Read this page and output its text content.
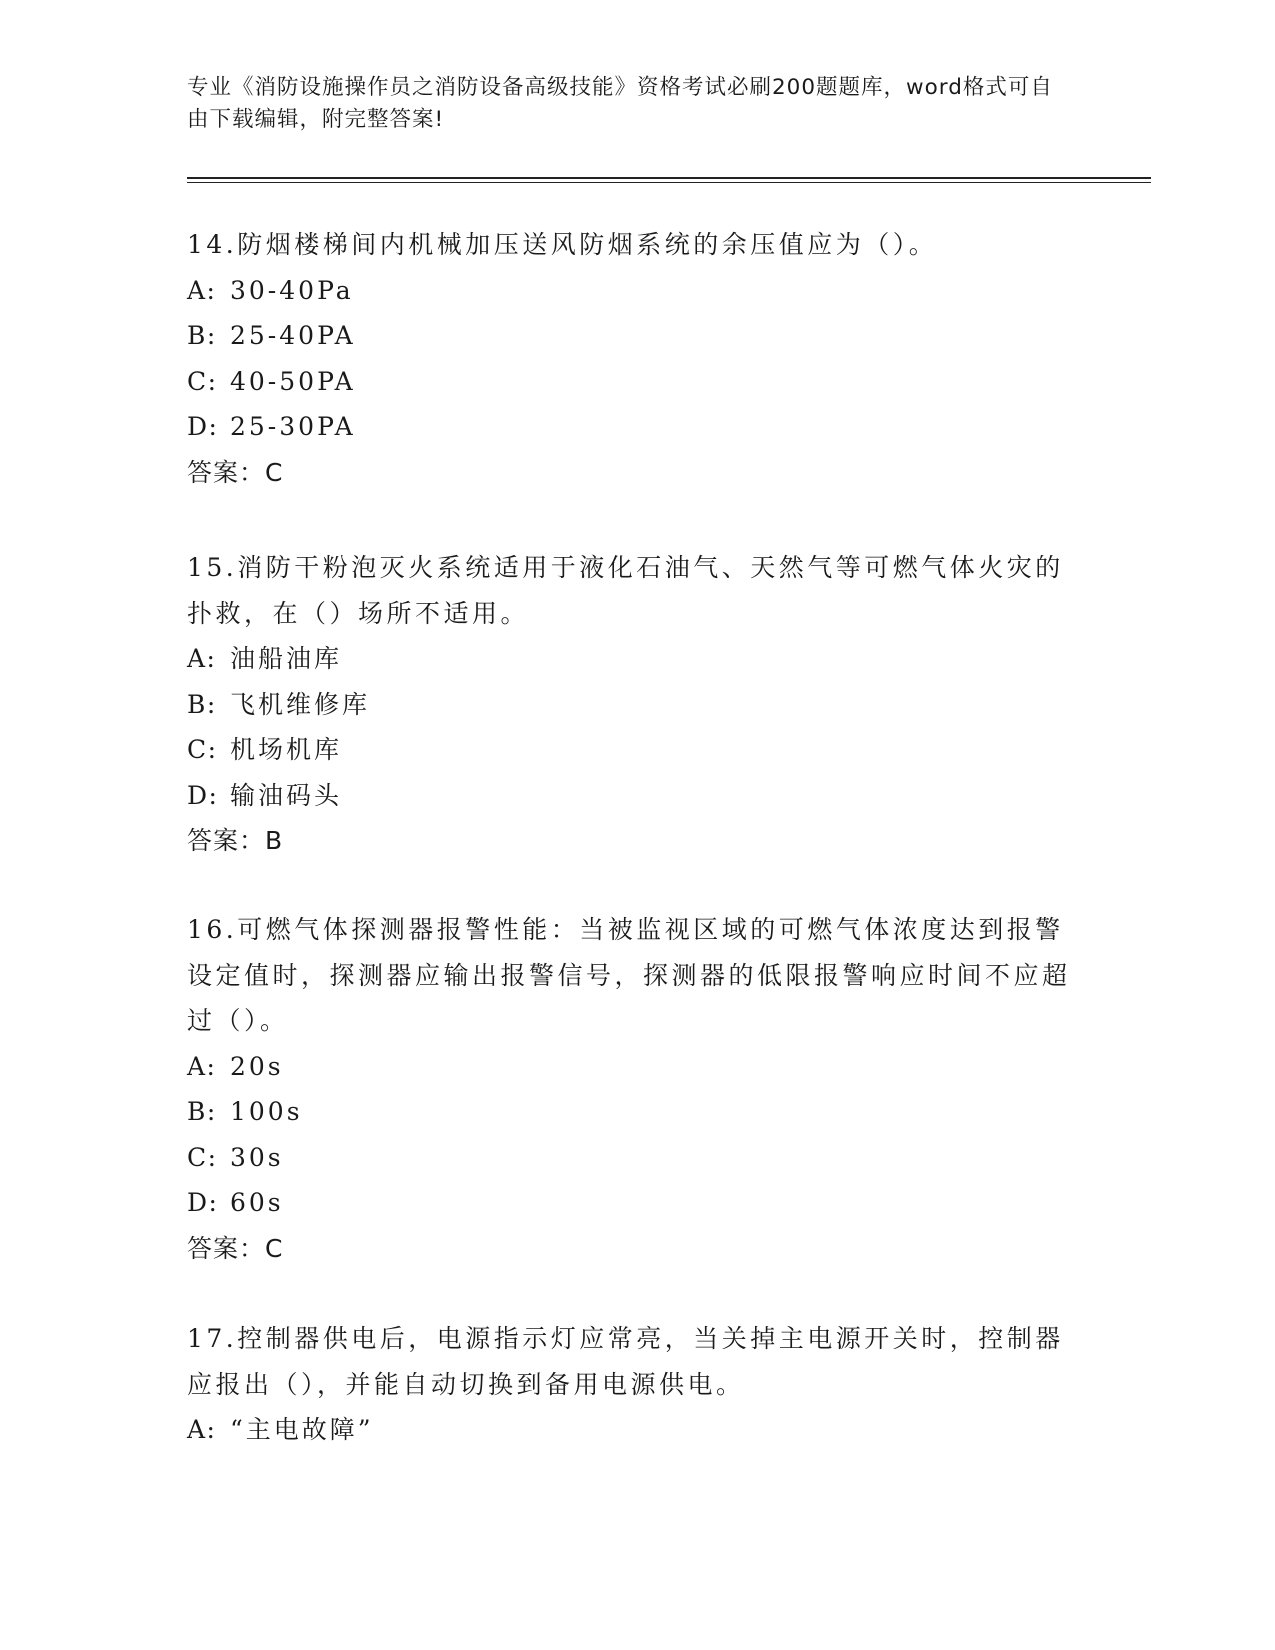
专业《消防设施操作员之消防设备高级技能》资格考试必刷200题题库，word格式可自由下载编辑，附完整答案!

14.防烟楼梯间内机械加压送风防烟系统的余压值应为（）。

A: 30-40Pa
B: 25-40PA
C: 40-50PA
D: 25-30PA
答案：C

15.消防干粉泡灭火系统适用于液化石油气、天然气等可燃气体火灾的扑救，在（）场所不适用。

A: 油船油库
B: 飞机维修库
C: 机场机库
D: 输油码头
答案：B

16.可燃气体探测器报警性能：当被监视区域的可燃气体浓度达到报警设定值时，探测器应输出报警信号，探测器的低限报警响应时间不应超过（）。

A: 20s
B: 100s
C: 30s
D: 60s
答案：C

17.控制器供电后，电源指示灯应常亮，当关掉主电源开关时，控制器应报出（），并能自动切换到备用电源供电。

A: “主电故障”
